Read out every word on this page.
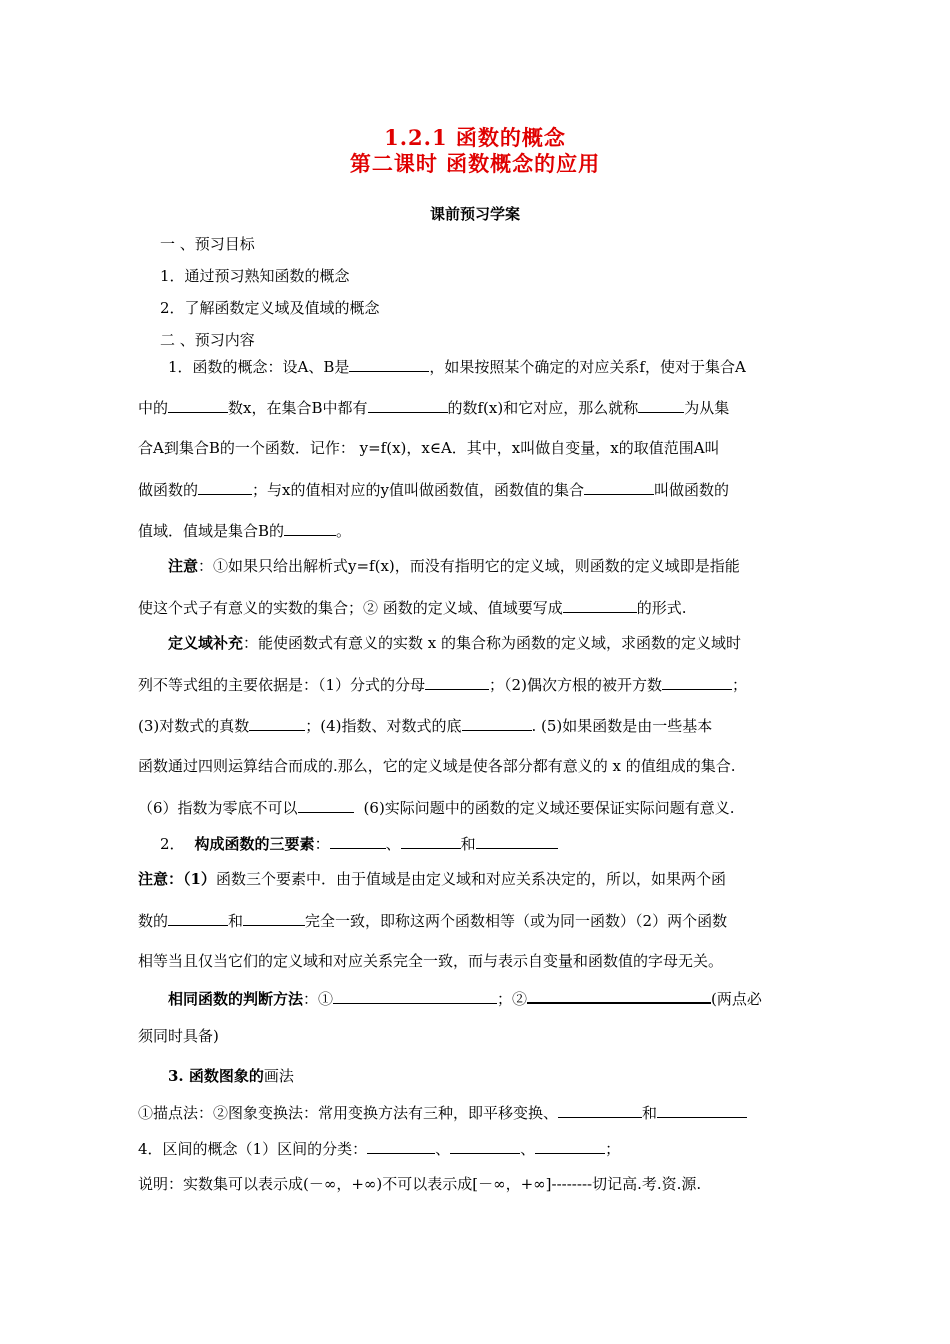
1.2.1 函数的概念
第二课时 函数概念的应用
课前预习学案
一 、预习目标
1．通过预习熟知函数的概念
2．了解函数定义域及值域的概念
二 、预习内容
1．函数的概念：设A、B是	，如果按照某个确定的对应关系f，使对于集合A
中的	数x，在集合B中都有	的数f(x)和它对应，那么就称	为从集
合A到集合B的一个函数．记作： y=f(x)，x∈A．其中，x叫做自变量，x的取值范围A叫
做函数的	；与x的值相对应的y值叫做函数值，函数值的集合	叫做函数的
值域．值域是集合B的	。
注意：①如果只给出解析式y=f(x)，而没有指明它的定义域，则函数的定义域即是指能
使这个式子有意义的实数的集合；② 函数的定义域、值域要写成	的形式.
定义域补充：能使函数式有意义的实数 x 的集合称为函数的定义域，求函数的定义域时
列不等式组的主要依据是：（1）分式的分母	；（2)偶次方根的被开方数	；
(3)对数式的真数	；(4)指数、对数式的底	. (5)如果函数是由一些基本
函数通过四则运算结合而成的.那么，它的定义域是使各部分都有意义的 x 的值组成的集合.
（6）指数为零底不可以	(6)实际问题中的函数的定义域还要保证实际问题有意义.
2． 构成函数的三要素：	、	和
注意：（1）函数三个要素中．由于值域是由定义域和对应关系决定的，所以，如果两个函
数的	和	完全一致，即称这两个函数相等（或为同一函数）（2）两个函数
相等当且仅当它们的定义域和对应关系完全一致，而与表示自变量和函数值的字母无关。
相同函数的判断方法：①	；②	(两点必
须同时具备)
3. 函数图象的画法
①描点法：②图象变换法：常用变换方法有三种，即平移变换、	和
4．区间的概念（1）区间的分类：	、	、	；
说明：实数集可以表示成(－∞，+∞)不可以表示成[－∞，+∞]--------切记高.考.资.源.
